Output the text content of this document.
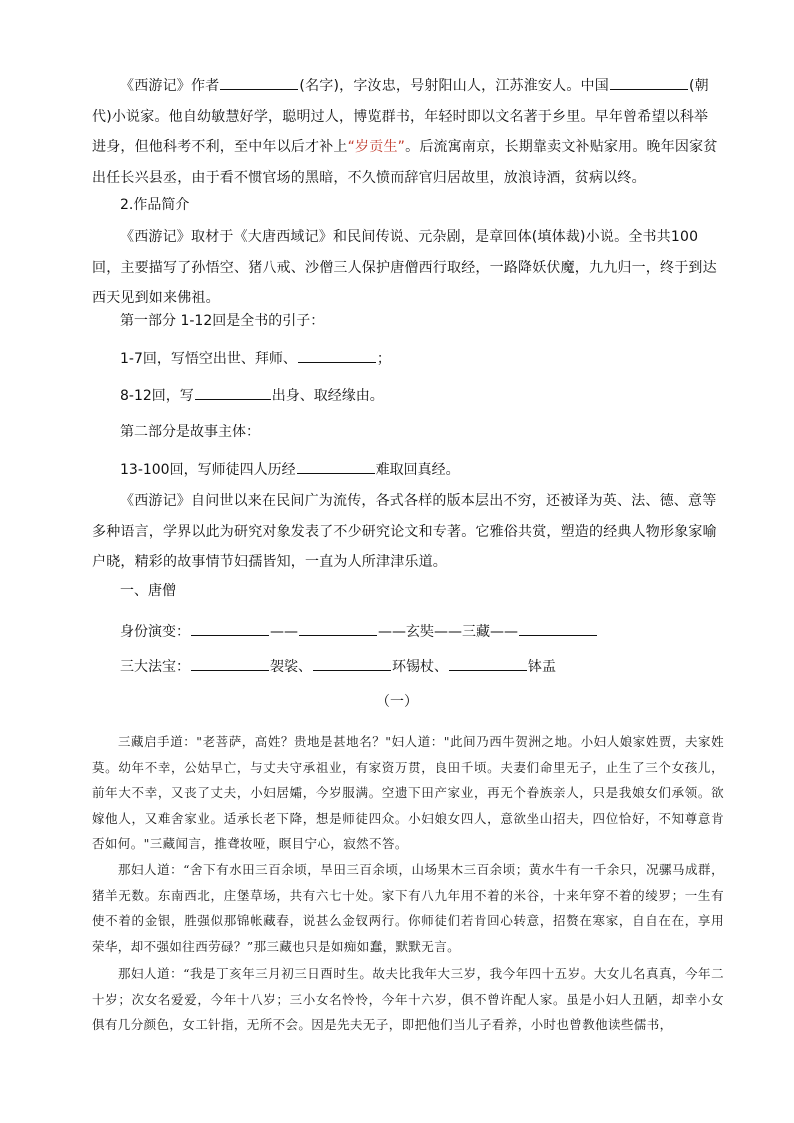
《西游记》作者	(名字)，字汝忠，号射阳山人，江苏淮安人。中国	(朝代)小说家。他自幼敏慧好学，聪明过人，博览群书，年轻时即以文名著于乡里。早年曾希望以科举进身，但他科考不利，至中年以后才补上“岁贡生”。后流寓南京，长期靠卖文补贴家用。晚年因家贫出任长兴县丞，由于看不惯官场的黑暗，不久愤而辞官归居故里，放浪诗酒，贫病以终。

2.作品简介

《西游记》取材于《大唐西域记》和民间传说、元杂剧，是章回体(填体裁)小说。全书共100回，主要描写了孙悟空、猪八戒、沙僧三人保护唐僧西行取经，一路降妖伏魔，九九归一，终于到达西天见到如来佛祖。

第一部分 1-12回是全书的引子：

1-7回，写悟空出世、拜师、	；

8-12回，写	出身、取经缘由。

第二部分是故事主体：

13-100回，写师徒四人历经	难取回真经。

《西游记》自问世以来在民间广为流传，各式各样的版本层出不穷，还被译为英、法、德、意等多种语言，学界以此为研究对象发表了不少研究论文和专著。它雅俗共赏，塑造的经典人物形象家喻户晓，精彩的故事情节妇孺皆知，一直为人所津津乐道。

一、唐僧

身份演变：	——	——玄奘——三藏——

三大法宝：	袈裟、	环锡杖、	钵盂

（一）

三藏启手道："老菩萨，高姓？贵地是甚地名？"妇人道："此间乃西牛贺洲之地。小妇人娘家姓贾，夫家姓莫。幼年不幸，公姑早亡，与丈夫守承祖业，有家资万贯，良田千顷。夫妻们命里无子，止生了三个女孩儿，前年大不幸，又丧了丈夫，小妇居孀，今岁服满。空遗下田产家业，再无个眷族亲人，只是我娘女们承领。欲嫁他人，又难舍家业。适承长老下降，想是师徒四众。小妇娘女四人，意欲坐山招夫，四位恰好，不知尊意肯否如何。"三藏闻言，推聋妆哑，瞑目宁心，寂然不答。

那妇人道：“舍下有水田三百余顷，旱田三百余顷，山场果木三百余顷；黄水牛有一千余只，况骡马成群，猪羊无数。东南西北，庄堡草场，共有六七十处。家下有八九年用不着的米谷，十来年穿不着的绫罗；一生有使不着的金银，胜强似那锦帐藏春，说甚么金钗两行。你师徒们若肯回心转意，招赘在寒家，自自在在，享用荣华，却不强如往西劳碌？”那三藏也只是如痴如蠢，默默无言。

那妇人道：“我是丁亥年三月初三日酉时生。故夫比我年大三岁，我今年四十五岁。大女儿名真真，今年二十岁；次女名爱爱，今年十八岁；三小女名怜怜，今年十六岁，俱不曾许配人家。虽是小妇人丑陋，却幸小女俱有几分颜色，女工针指，无所不会。因是先夫无子，即把他们当儿子看养，小时也曾教他读些儒书，
